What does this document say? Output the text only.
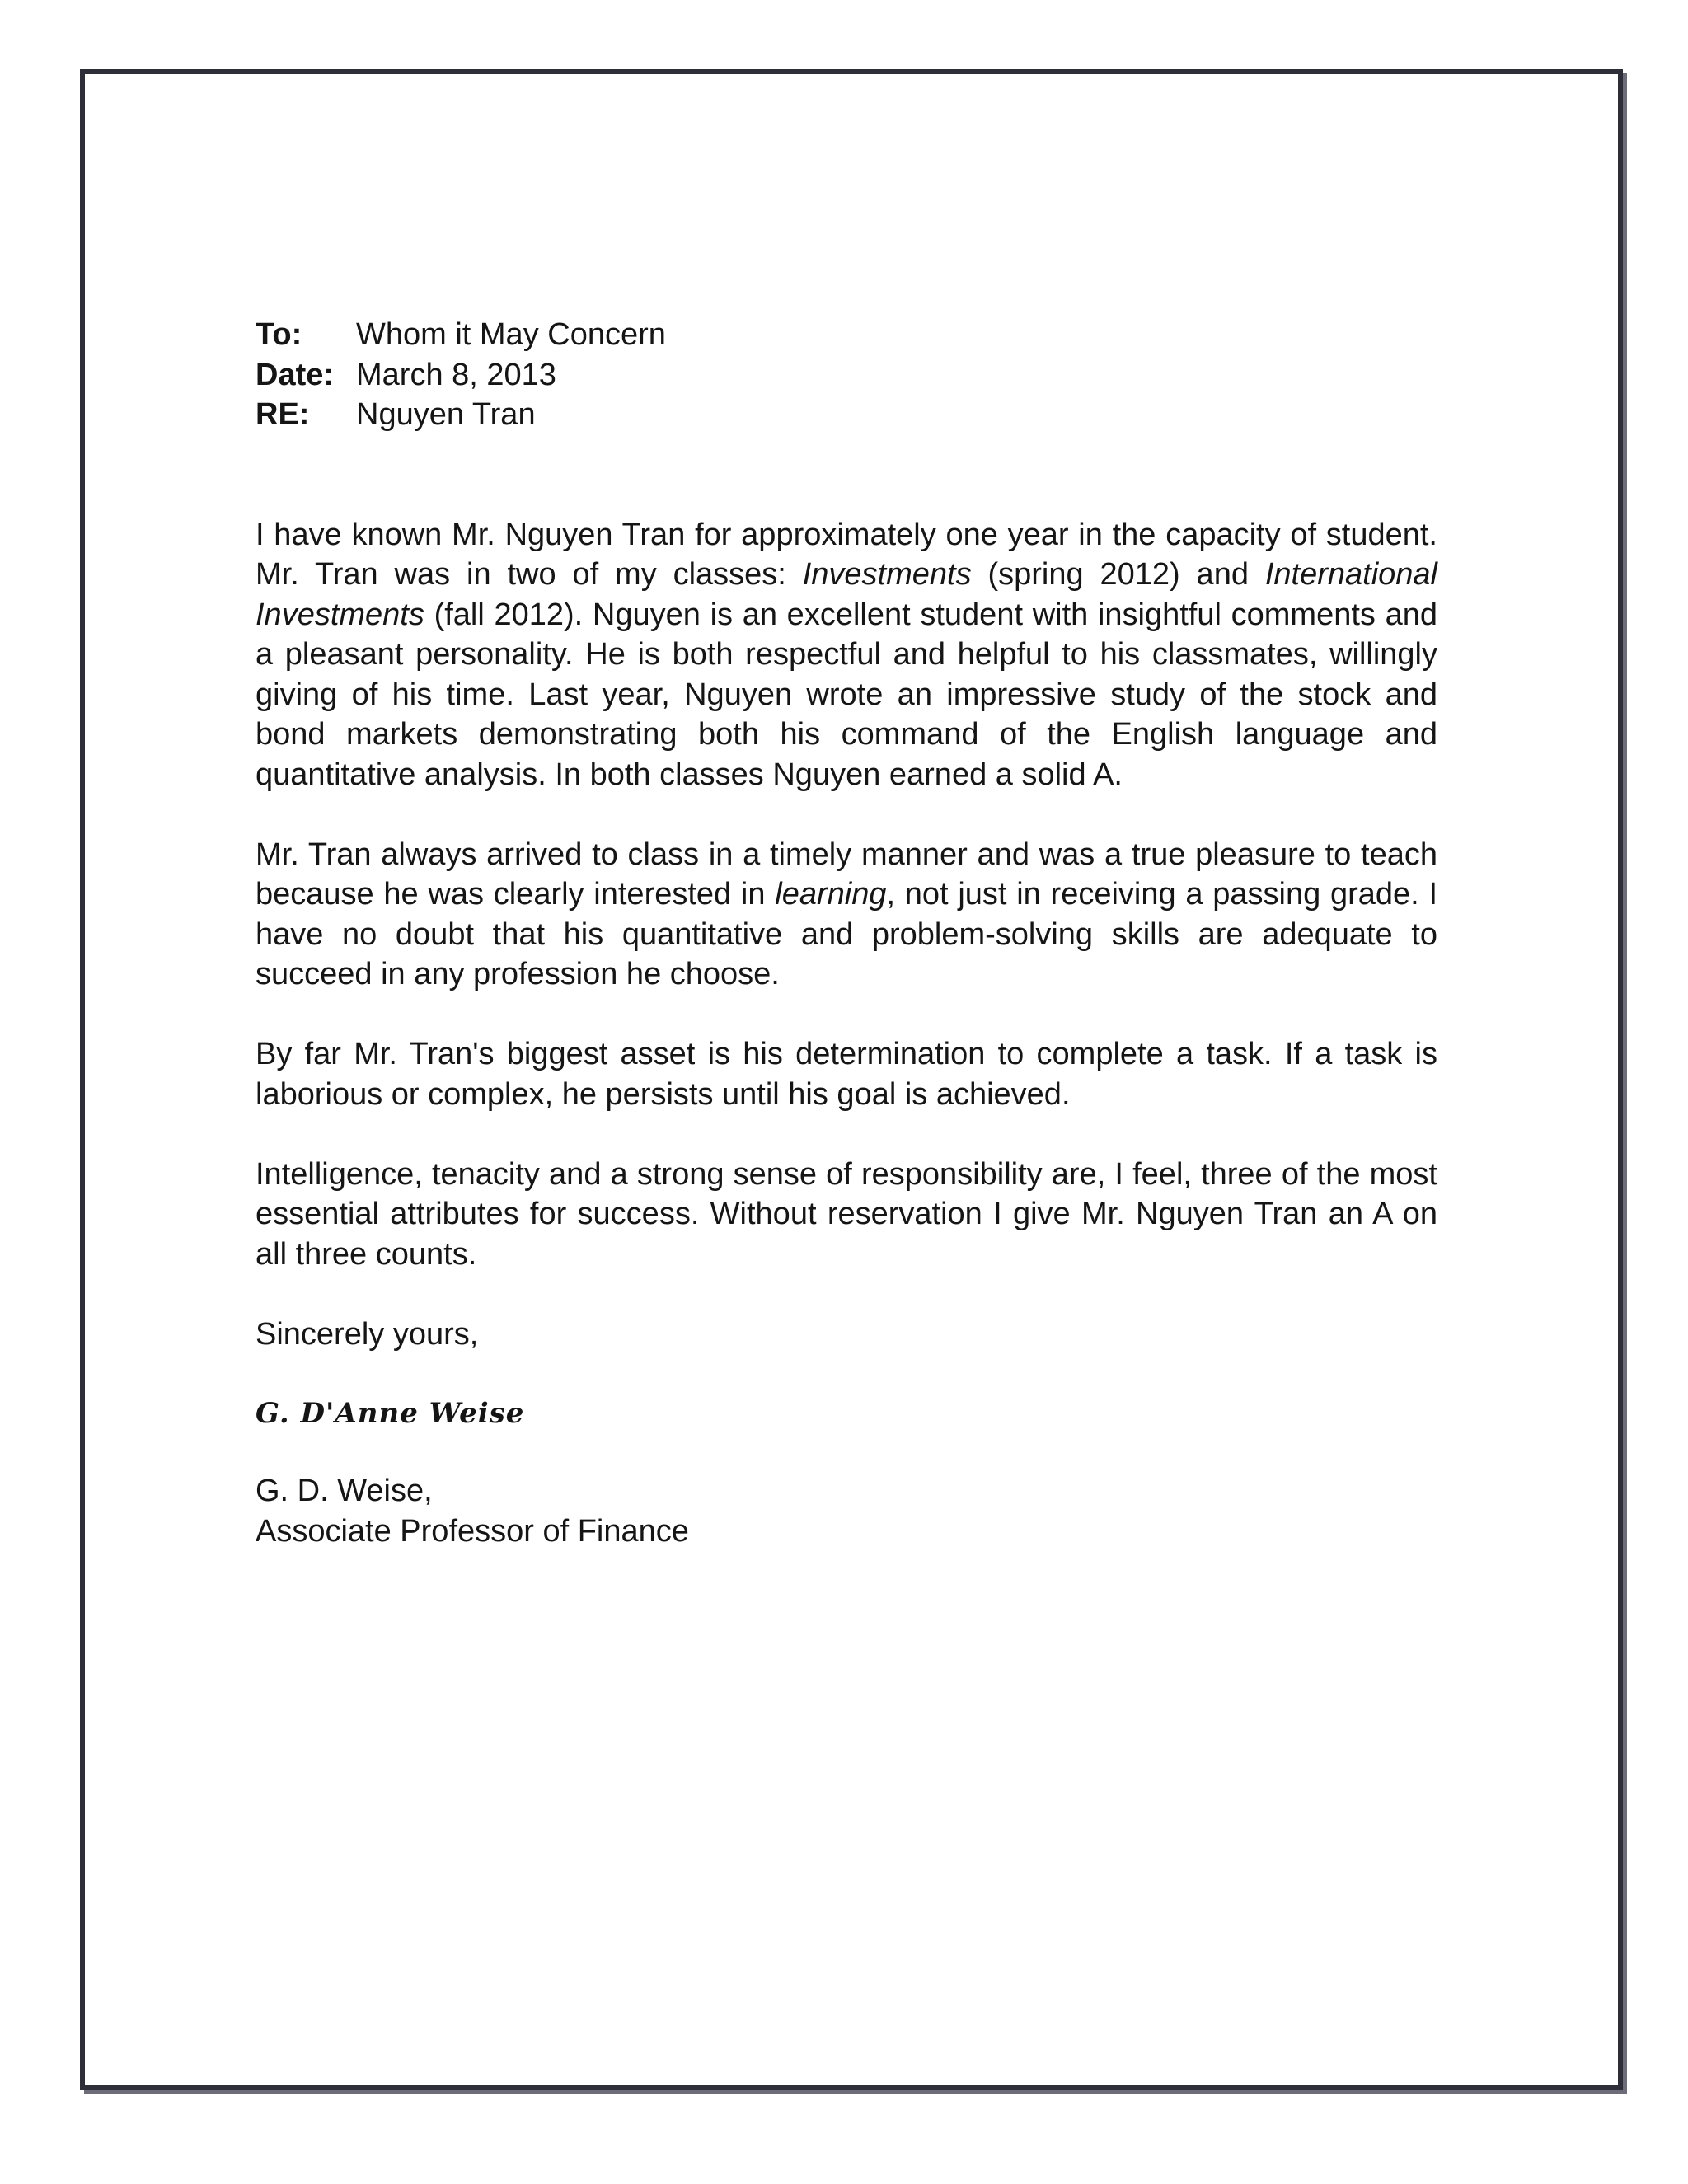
To:	Whom it May Concern
Date: March 8, 2013
RE:	Nguyen Tran

I have known Mr. Nguyen Tran for approximately one year in the capacity of student. Mr. Tran was in two of my classes: Investments (spring 2012) and International Investments (fall 2012). Nguyen is an excellent student with insightful comments and a pleasant personality. He is both respectful and helpful to his classmates, willingly giving of his time. Last year, Nguyen wrote an impressive study of the stock and bond markets demonstrating both his command of the English language and quantitative analysis. In both classes Nguyen earned a solid A.

Mr. Tran always arrived to class in a timely manner and was a true pleasure to teach because he was clearly interested in learning, not just in receiving a passing grade. I have no doubt that his quantitative and problem-solving skills are adequate to succeed in any profession he choose.

By far Mr. Tran's biggest asset is his determination to complete a task. If a task is laborious or complex, he persists until his goal is achieved.

Intelligence, tenacity and a strong sense of responsibility are, I feel, three of the most essential attributes for success. Without reservation I give Mr. Nguyen Tran an A on all three counts.

Sincerely yours,

G. D'Anne Weise
G. D. Weise,
Associate Professor of Finance
